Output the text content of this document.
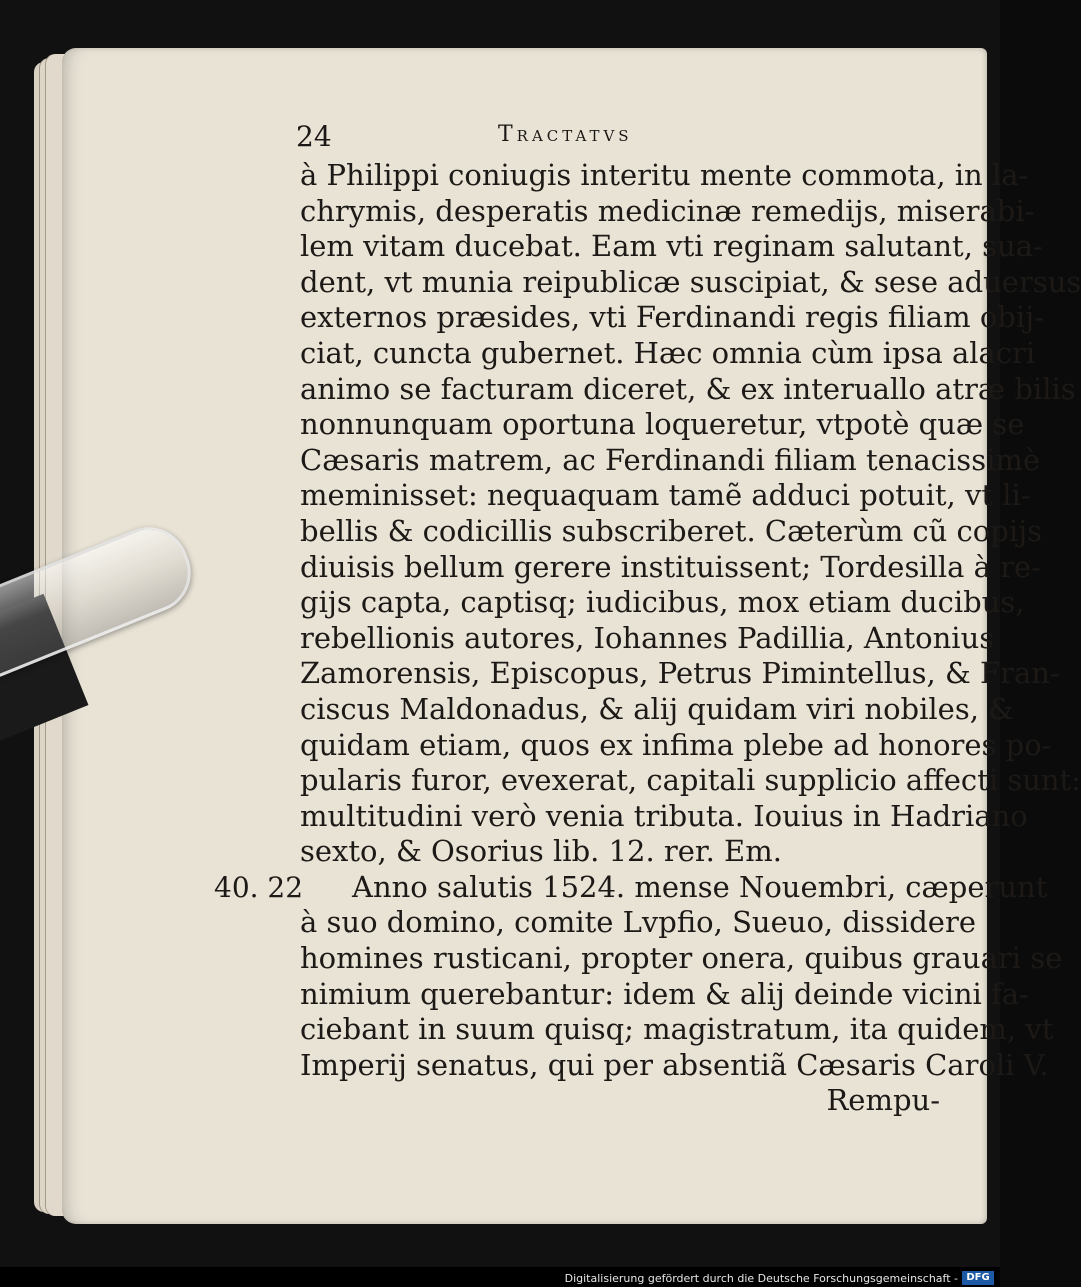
24	Tractatvs
40. 22
à Philippi coniugis interitu mente commota, in la-
chrymis, desperatis medicinæ remedijs, miserabi-
lem vitam ducebat. Eam vti reginam salutant, sua-
dent, vt munia reipublicæ suscipiat, & sese aduersus
externos præsides, vti Ferdinandi regis filiam obij-
ciat, cuncta gubernet. Hæc omnia cùm ipsa alacri
animo se facturam diceret, & ex interuallo atræ bilis
nonnunquam oportuna loqueretur, vtpotè quæ se
Cæsaris matrem, ac Ferdinandi filiam tenacissimè
meminisset: nequaquam tamẽ adduci potuit, vt li-
bellis & codicillis subscriberet. Cæterùm cũ copijs
diuisis bellum gerere instituissent; Tordesilla à re-
gijs capta, captisq; iudicibus, mox etiam ducibus,
rebellionis autores, Iohannes Padillia, Antonius
Zamorensis, Episcopus, Petrus Pimintellus, & Fran-
ciscus Maldonadus, & alij quidam viri nobiles, &
quidam etiam, quos ex infima plebe ad honores po-
pularis furor, evexerat, capitali supplicio affecti sunt:
multitudini verò venia tributa. Iouius in Hadriano
sexto, & Osorius lib. 12. rer. Em.
Anno salutis 1524. mense Nouembri, cæperunt
à suo domino, comite Lvpfio, Sueuo, dissidere
homines rusticani, propter onera, quibus grauari se
nimium querebantur: idem & alij deinde vicini fa-
ciebant in suum quisq; magistratum, ita quidem, vt
Imperij senatus, qui per absentiã Cæsaris Caroli V.
Rempu-
Digitalisierung gefördert durch die Deutsche Forschungsgemeinschaft - DFG
